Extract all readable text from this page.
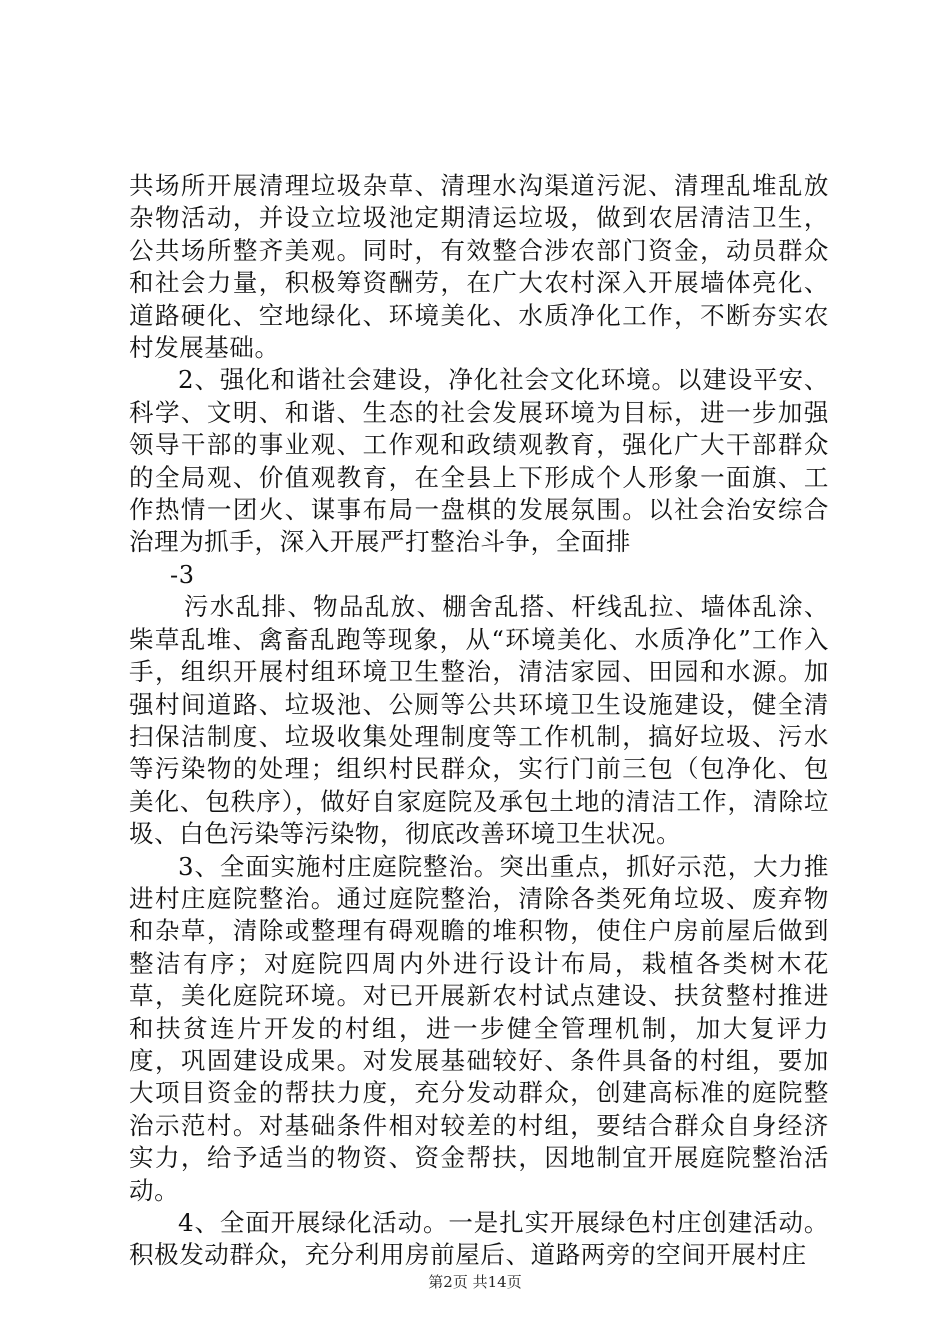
共场所开展清理垃圾杂草、清理水沟渠道污泥、清理乱堆乱放杂物活动，并设立垃圾池定期清运垃圾，做到农居清洁卫生，公共场所整齐美观。同时，有效整合涉农部门资金，动员群众和社会力量，积极筹资酬劳，在广大农村深入开展墙体亮化、道路硬化、空地绿化、环境美化、水质净化工作，不断夯实农村发展基础。

2、强化和谐社会建设，净化社会文化环境。以建设平安、科学、文明、和谐、生态的社会发展环境为目标，进一步加强领导干部的事业观、工作观和政绩观教育，强化广大干部群众的全局观、价值观教育，在全县上下形成个人形象一面旗、工作热情一团火、谋事布局一盘棋的发展氛围。以社会治安综合治理为抓手，深入开展严打整治斗争，全面排

-3

污水乱排、物品乱放、棚舍乱搭、杆线乱拉、墙体乱涂、柴草乱堆、禽畜乱跑等现象，从“环境美化、水质净化”工作入手，组织开展村组环境卫生整治，清洁家园、田园和水源。加强村间道路、垃圾池、公厕等公共环境卫生设施建设，健全清扫保洁制度、垃圾收集处理制度等工作机制，搞好垃圾、污水等污染物的处理；组织村民群众，实行门前三包（包净化、包美化、包秩序），做好自家庭院及承包土地的清洁工作，清除垃圾、白色污染等污染物，彻底改善环境卫生状况。

3、全面实施村庄庭院整治。突出重点，抓好示范，大力推进村庄庭院整治。通过庭院整治，清除各类死角垃圾、废弃物和杂草，清除或整理有碍观瞻的堆积物，使住户房前屋后做到整洁有序；对庭院四周内外进行设计布局，栽植各类树木花草，美化庭院环境。对已开展新农村试点建设、扶贫整村推进和扶贫连片开发的村组，进一步健全管理机制，加大复评力度，巩固建设成果。对发展基础较好、条件具备的村组，要加大项目资金的帮扶力度，充分发动群众，创建高标准的庭院整治示范村。对基础条件相对较差的村组，要结合群众自身经济实力，给予适当的物资、资金帮扶，因地制宜开展庭院整治活动。

4、全面开展绿化活动。一是扎实开展绿色村庄创建活动。积极发动群众，充分利用房前屋后、道路两旁的空间开展村庄

第2页 共14页
